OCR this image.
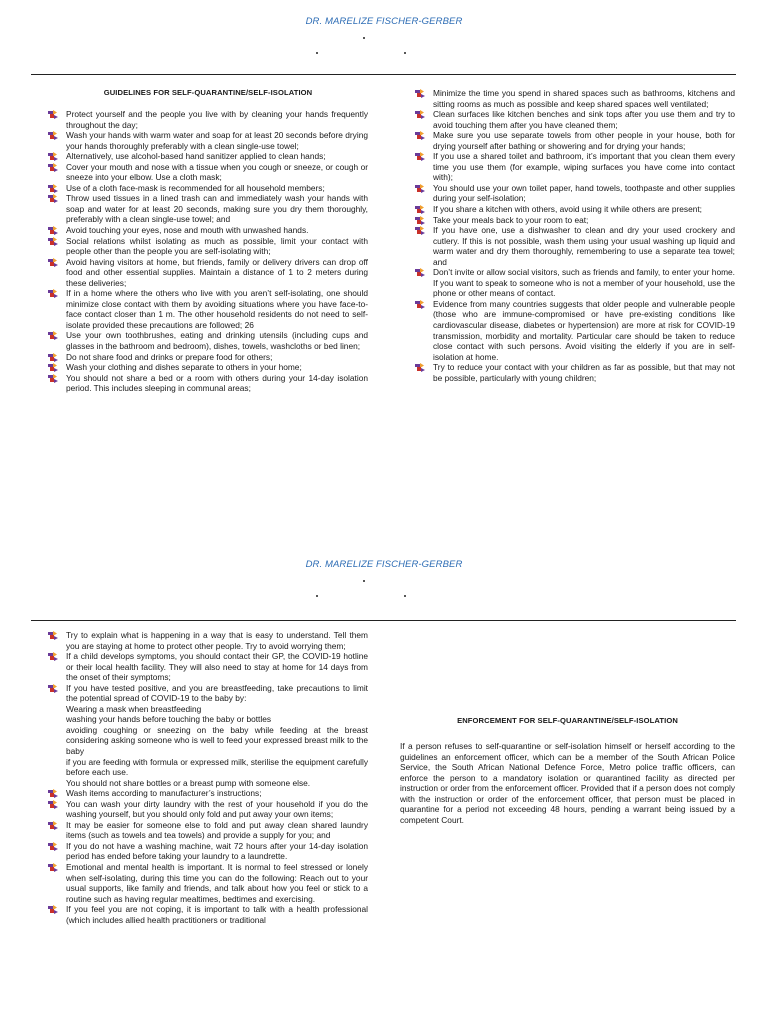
DR. MARELIZE FISCHER-GERBER
GUIDELINES FOR SELF-QUARANTINE/SELF-ISOLATION
Protect yourself and the people you live with by cleaning your hands frequently throughout the day;
Wash your hands with warm water and soap for at least 20 seconds before drying your hands thoroughly preferably with a clean single-use towel;
Alternatively, use alcohol-based hand sanitizer applied to clean hands;
Cover your mouth and nose with a tissue when you cough or sneeze, or cough or sneeze into your elbow. Use a cloth mask;
Use of a cloth face-mask is recommended for all household members;
Throw used tissues in a lined trash can and immediately wash your hands with soap and water for at least 20 seconds, making sure you dry them thoroughly, preferably with a clean single-use towel; and
Avoid touching your eyes, nose and mouth with unwashed hands.
Social relations whilst isolating as much as possible, limit your contact with people other than the people you are self-isolating with;
Avoid having visitors at home, but friends, family or delivery drivers can drop off food and other essential supplies. Maintain a distance of 1 to 2 meters during these deliveries;
If in a home where the others who live with you aren’t self-isolating, one should minimize close contact with them by avoiding situations where you have face-to-face contact closer than 1 m. The other household residents do not need to self-isolate provided these precautions are followed; 26
Use your own toothbrushes, eating and drinking utensils (including cups and glasses in the bathroom and bedroom), dishes, towels, washcloths or bed linen;
Do not share food and drinks or prepare food for others;
Wash your clothing and dishes separate to others in your home;
You should not share a bed or a room with others during your 14-day isolation period. This includes sleeping in communal areas;
Minimize the time you spend in shared spaces such as bathrooms, kitchens and sitting rooms as much as possible and keep shared spaces well ventilated;
Clean surfaces like kitchen benches and sink tops after you use them and try to avoid touching them after you have cleaned them;
Make sure you use separate towels from other people in your house, both for drying yourself after bathing or showering and for drying your hands;
If you use a shared toilet and bathroom, it’s important that you clean them every time you use them (for example, wiping surfaces you have come into contact with);
You should use your own toilet paper, hand towels, toothpaste and other supplies during your self-isolation;
If you share a kitchen with others, avoid using it while others are present;
Take your meals back to your room to eat;
If you have one, use a dishwasher to clean and dry your used crockery and cutlery. If this is not possible, wash them using your usual washing up liquid and warm water and dry them thoroughly, remembering to use a separate tea towel; and
Don’t invite or allow social visitors, such as friends and family, to enter your home. If you want to speak to someone who is not a member of your household, use the phone or other means of contact.
Evidence from many countries suggests that older people and vulnerable people (those who are immune-compromised or have pre-existing conditions like cardiovascular disease, diabetes or hypertension) are more at risk for COVID-19 transmission, morbidity and mortality. Particular care should be taken to reduce close contact with such persons. Avoid visiting the elderly if you are in self-isolation at home.
Try to reduce your contact with your children as far as possible, but that may not be possible, particularly with young children;
DR. MARELIZE FISCHER-GERBER
Try to explain what is happening in a way that is easy to understand. Tell them you are staying at home to protect other people. Try to avoid worrying them;
If a child develops symptoms, you should contact their GP, the COVID-19 hotline or their local health facility. They will also need to stay at home for 14 days from the onset of their symptoms;
If you have tested positive, and you are breastfeeding, take precautions to limit the potential spread of COVID-19 to the baby by:
Wearing a mask when breastfeeding
washing your hands before touching the baby or bottles
avoiding coughing or sneezing on the baby while feeding at the breast considering asking someone who is well to feed your expressed breast milk to the baby
if you are feeding with formula or expressed milk, sterilise the equipment carefully before each use.
You should not share bottles or a breast pump with someone else.
Wash items according to manufacturer’s instructions;
You can wash your dirty laundry with the rest of your household if you do the washing yourself, but you should only fold and put away your own items;
It may be easier for someone else to fold and put away clean shared laundry items (such as towels and tea towels) and provide a supply for you; and
If you do not have a washing machine, wait 72 hours after your 14-day isolation period has ended before taking your laundry to a laundrette.
Emotional and mental health is important. It is normal to feel stressed or lonely when self-isolating, during this time you can do the following: Reach out to your usual supports, like family and friends, and talk about how you feel or stick to a routine such as having regular mealtimes, bedtimes and exercising.
If you feel you are not coping, it is important to talk with a health professional (which includes allied health practitioners or traditional
ENFORCEMENT FOR SELF-QUARANTINE/SELF-ISOLATION

If a person refuses to self-quarantine or self-isolation himself or herself according to the guidelines an enforcement officer, which can be a member of the South African Police Service, the South African National Defence Force, Metro police traffic officers, can enforce the person to a mandatory isolation or quarantined facility as directed per instruction or order from the enforcement officer. Provided that if a person does not comply with the instruction or order of the enforcement officer, that person must be placed in quarantine for a period not exceeding 48 hours, pending a warrant being issued by a competent Court.
